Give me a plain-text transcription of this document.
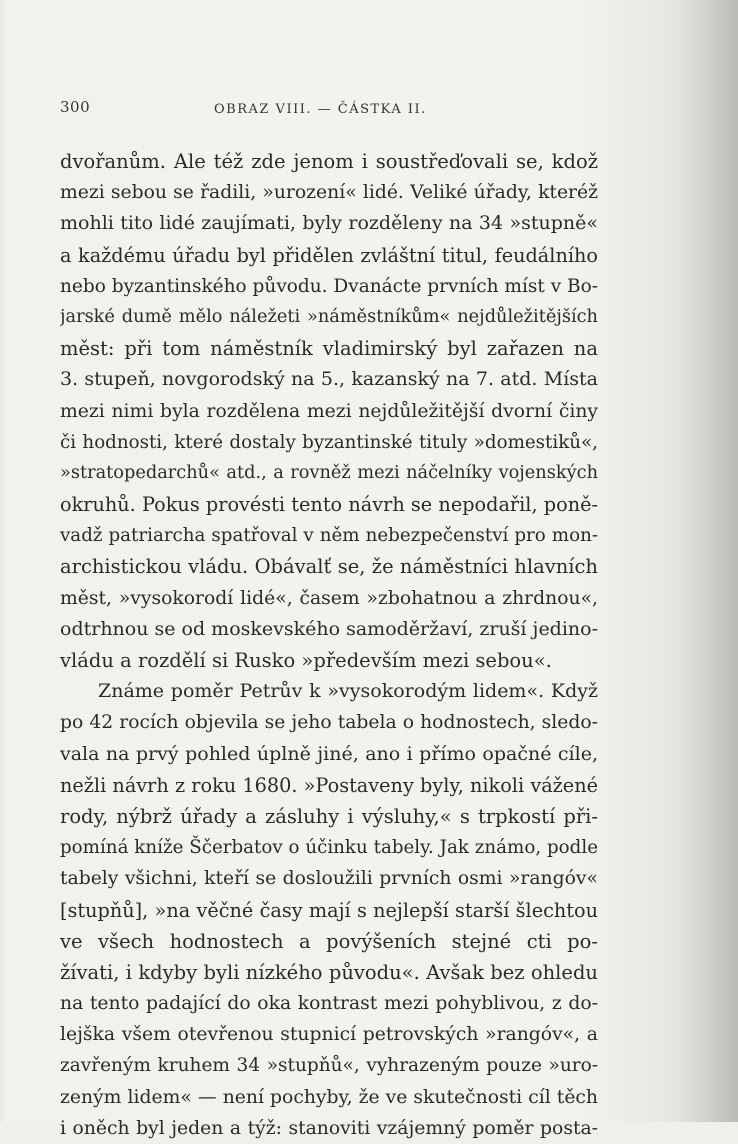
300	OBRAZ VIII. — ČÁSTKA II.
dvořanům. Ale též zde jenom i soustřeďovali se, kdož
mezi sebou se řadili, »urození« lidé. Veliké úřady, kteréž
mohli tito lidé zaujímati, byly rozděleny na 34 »stupně«
a každému úřadu byl přidělen zvláštní titul, feudálního
nebo byzantinského původu. Dvanácte prvních míst v Bo-
jarské dumě mělo náležeti »náměstníkům« nejdůležitějších
měst: při tom náměstník vladimirský byl zařazen na
3. stupeň, novgorodský na 5., kazanský na 7. atd. Místa
mezi nimi byla rozdělena mezi nejdůležitější dvorní činy
či hodnosti, které dostaly byzantinské tituly »domestiků«,
»stratopedarchů« atd., a rovněž mezi náčelníky vojenských
okruhů. Pokus provésti tento návrh se nepodařil, poně-
vadž patriarcha spatřoval v něm nebezpečenství pro mon-
archistickou vládu. Obávalť se, že náměstníci hlavních
měst, »vysokorodí lidé«, časem »zbohatnou a zhrdnou«,
odtrhnou se od moskevského samoděržaví, zruší jedino-
vládu a rozdělí si Rusko »především mezi sebou«.
Známe poměr Petrův k »vysokorodým lidem«. Když
po 42 rocích objevila se jeho tabela o hodnostech, sledo-
vala na prvý pohled úplně jiné, ano i přímo opačné cíle,
nežli návrh z roku 1680. »Postaveny byly, nikoli vážené
rody, nýbrž úřady a zásluhy i výsluhy,« s trpkostí při-
pomíná kníže Ščerbatov o účinku tabely. Jak známo, podle
tabely všichni, kteří se dosloužili prvních osmi »rangóv«
[stupňů], »na věčné časy mají s nejlepší starší šlechtou
ve všech hodnostech a povýšeních stejné cti po-
žívati, i kdyby byli nízkého původu«. Avšak bez ohledu
na tento padající do oka kontrast mezi pohyblivou, z do-
lejška všem otevřenou stupnicí petrovských »rangóv«, a
zavřeným kruhem 34 »stupňů«, vyhrazeným pouze »uro-
zeným lidem« — není pochyby, že ve skutečnosti cíl těch
i oněch byl jeden a týž: stanoviti vzájemný poměr posta-
